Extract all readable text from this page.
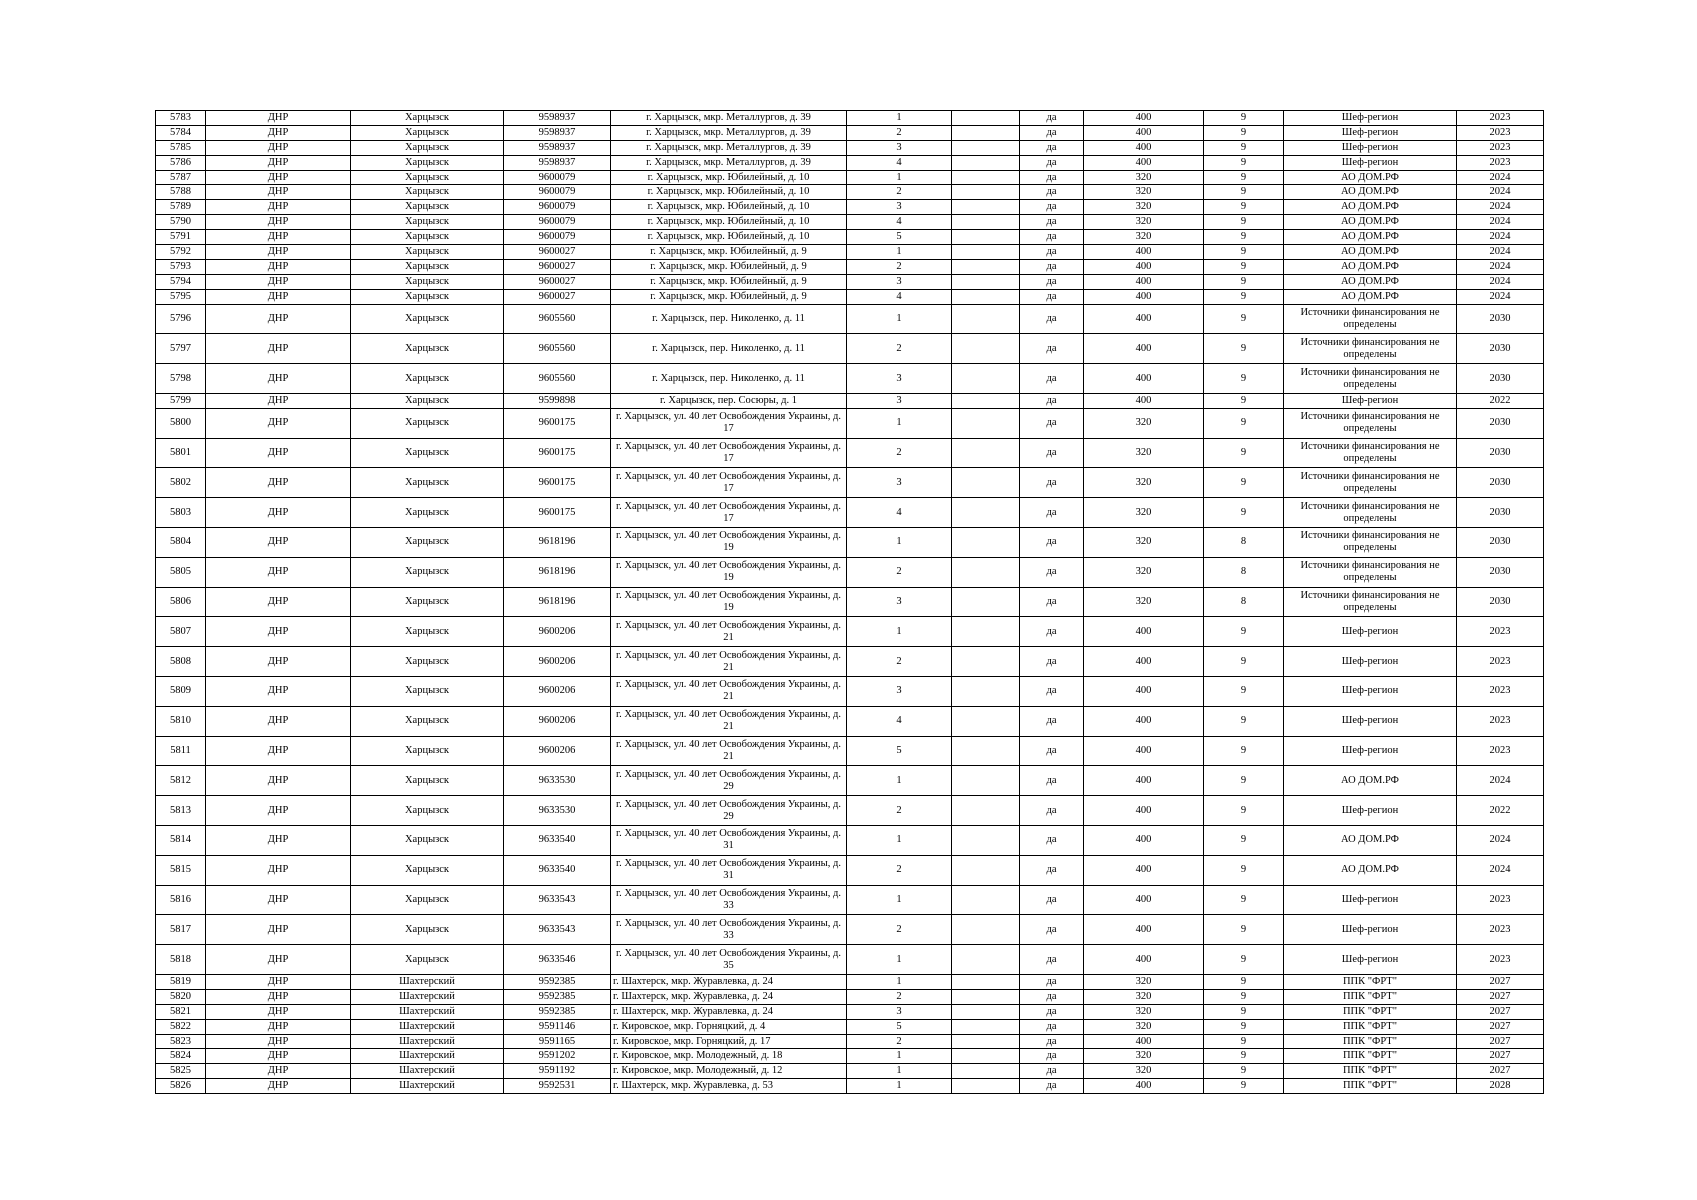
5783	ДНР	Харцызск	9598937	г. Харцызск, мкр. Металлургов, д. 39	1		да	400	9	Шеф-регион	2023
5784	ДНР	Харцызск	9598937	г. Харцызск, мкр. Металлургов, д. 39	2		да	400	9	Шеф-регион	2023
5785	ДНР	Харцызск	9598937	г. Харцызск, мкр. Металлургов, д. 39	3		да	400	9	Шеф-регион	2023
5786	ДНР	Харцызск	9598937	г. Харцызск, мкр. Металлургов, д. 39	4		да	400	9	Шеф-регион	2023
5787	ДНР	Харцызск	9600079	г. Харцызск, мкр. Юбилейный, д. 10	1		да	320	9	АО ДОМ.РФ	2024
5788	ДНР	Харцызск	9600079	г. Харцызск, мкр. Юбилейный, д. 10	2		да	320	9	АО ДОМ.РФ	2024
5789	ДНР	Харцызск	9600079	г. Харцызск, мкр. Юбилейный, д. 10	3		да	320	9	АО ДОМ.РФ	2024
5790	ДНР	Харцызск	9600079	г. Харцызск, мкр. Юбилейный, д. 10	4		да	320	9	АО ДОМ.РФ	2024
5791	ДНР	Харцызск	9600079	г. Харцызск, мкр. Юбилейный, д. 10	5		да	320	9	АО ДОМ.РФ	2024
5792	ДНР	Харцызск	9600027	г. Харцызск, мкр. Юбилейный, д. 9	1		да	400	9	АО ДОМ.РФ	2024
5793	ДНР	Харцызск	9600027	г. Харцызск, мкр. Юбилейный, д. 9	2		да	400	9	АО ДОМ.РФ	2024
5794	ДНР	Харцызск	9600027	г. Харцызск, мкр. Юбилейный, д. 9	3		да	400	9	АО ДОМ.РФ	2024
5795	ДНР	Харцызск	9600027	г. Харцызск, мкр. Юбилейный, д. 9	4		да	400	9	АО ДОМ.РФ	2024
5796	ДНР	Харцызск	9605560	г. Харцызск, пер. Николенко, д. 11	1		да	400	9	Источники финансирования не определены	2030
5797	ДНР	Харцызск	9605560	г. Харцызск, пер. Николенко, д. 11	2		да	400	9	Источники финансирования не определены	2030
5798	ДНР	Харцызск	9605560	г. Харцызск, пер. Николенко, д. 11	3		да	400	9	Источники финансирования не определены	2030
5799	ДНР	Харцызск	9599898	г. Харцызск, пер. Сосюры, д. 1	3		да	400	9	Шеф-регион	2022
5800	ДНР	Харцызск	9600175	г. Харцызск, ул. 40 лет Освобождения Украины, д. 17	1		да	320	9	Источники финансирования не определены	2030
5801	ДНР	Харцызск	9600175	г. Харцызск, ул. 40 лет Освобождения Украины, д. 17	2		да	320	9	Источники финансирования не определены	2030
5802	ДНР	Харцызск	9600175	г. Харцызск, ул. 40 лет Освобождения Украины, д. 17	3		да	320	9	Источники финансирования не определены	2030
5803	ДНР	Харцызск	9600175	г. Харцызск, ул. 40 лет Освобождения Украины, д. 17	4		да	320	9	Источники финансирования не определены	2030
5804	ДНР	Харцызск	9618196	г. Харцызск, ул. 40 лет Освобождения Украины, д. 19	1		да	320	8	Источники финансирования не определены	2030
5805	ДНР	Харцызск	9618196	г. Харцызск, ул. 40 лет Освобождения Украины, д. 19	2		да	320	8	Источники финансирования не определены	2030
5806	ДНР	Харцызск	9618196	г. Харцызск, ул. 40 лет Освобождения Украины, д. 19	3		да	320	8	Источники финансирования не определены	2030
5807	ДНР	Харцызск	9600206	г. Харцызск, ул. 40 лет Освобождения Украины, д. 21	1		да	400	9	Шеф-регион	2023
5808	ДНР	Харцызск	9600206	г. Харцызск, ул. 40 лет Освобождения Украины, д. 21	2		да	400	9	Шеф-регион	2023
5809	ДНР	Харцызск	9600206	г. Харцызск, ул. 40 лет Освобождения Украины, д. 21	3		да	400	9	Шеф-регион	2023
5810	ДНР	Харцызск	9600206	г. Харцызск, ул. 40 лет Освобождения Украины, д. 21	4		да	400	9	Шеф-регион	2023
5811	ДНР	Харцызск	9600206	г. Харцызск, ул. 40 лет Освобождения Украины, д. 21	5		да	400	9	Шеф-регион	2023
5812	ДНР	Харцызск	9633530	г. Харцызск, ул. 40 лет Освобождения Украины, д. 29	1		да	400	9	АО ДОМ.РФ	2024
5813	ДНР	Харцызск	9633530	г. Харцызск, ул. 40 лет Освобождения Украины, д. 29	2		да	400	9	Шеф-регион	2022
5814	ДНР	Харцызск	9633540	г. Харцызск, ул. 40 лет Освобождения Украины, д. 31	1		да	400	9	АО ДОМ.РФ	2024
5815	ДНР	Харцызск	9633540	г. Харцызск, ул. 40 лет Освобождения Украины, д. 31	2		да	400	9	АО ДОМ.РФ	2024
5816	ДНР	Харцызск	9633543	г. Харцызск, ул. 40 лет Освобождения Украины, д. 33	1		да	400	9	Шеф-регион	2023
5817	ДНР	Харцызск	9633543	г. Харцызск, ул. 40 лет Освобождения Украины, д. 33	2		да	400	9	Шеф-регион	2023
5818	ДНР	Харцызск	9633546	г. Харцызск, ул. 40 лет Освобождения Украины, д. 35	1		да	400	9	Шеф-регион	2023
5819	ДНР	Шахтерский	9592385	г. Шахтерск, мкр. Журавлевка, д. 24	1		да	320	9	ППК "ФРТ"	2027
5820	ДНР	Шахтерский	9592385	г. Шахтерск, мкр. Журавлевка, д. 24	2		да	320	9	ППК "ФРТ"	2027
5821	ДНР	Шахтерский	9592385	г. Шахтерск, мкр. Журавлевка, д. 24	3		да	320	9	ППК "ФРТ"	2027
5822	ДНР	Шахтерский	9591146	г. Кировское, мкр. Горняцкий, д. 4	5		да	320	9	ППК "ФРТ"	2027
5823	ДНР	Шахтерский	9591165	г. Кировское, мкр. Горняцкий, д. 17	2		да	400	9	ППК "ФРТ"	2027
5824	ДНР	Шахтерский	9591202	г. Кировское, мкр. Молодежный, д. 18	1		да	320	9	ППК "ФРТ"	2027
5825	ДНР	Шахтерский	9591192	г. Кировское, мкр. Молодежный, д. 12	1		да	320	9	ППК "ФРТ"	2027
5826	ДНР	Шахтерский	9592531	г. Шахтерск, мкр. Журавлевка, д. 53	1		да	400	9	ППК "ФРТ"	2028
